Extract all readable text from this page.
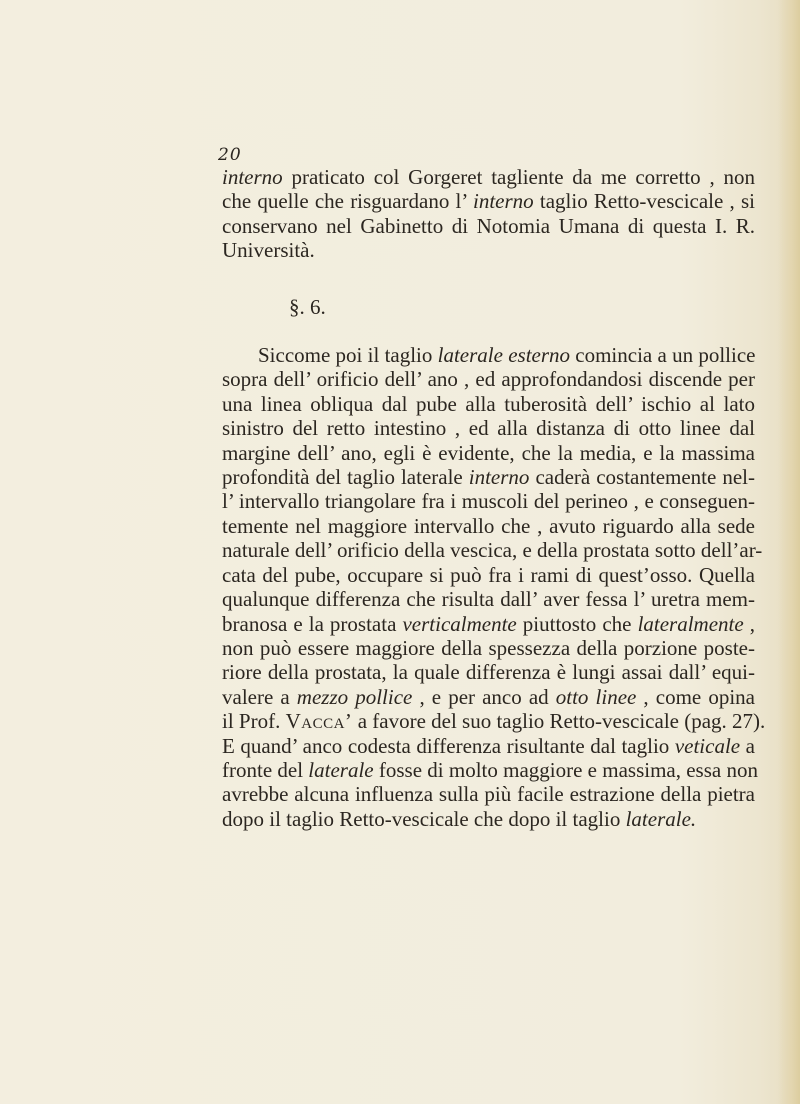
20
interno praticato col Gorgeret tagliente da me corretto , non
che quelle che risguardano l’ interno taglio Retto-vescicale , si
conservano nel Gabinetto di Notomia Umana di questa I. R.
Università.
§. 6.
Siccome poi il taglio laterale esterno comincia a un pollice
sopra dell’ orificio dell’ ano , ed approfondandosi discende per
una linea obliqua dal pube alla tuberosità dell’ ischio al lato
sinistro del retto intestino , ed alla distanza di otto linee dal
margine dell’ ano, egli è evidente, che la media, e la massima
profondità del taglio laterale interno caderà costantemente nel-
l’ intervallo triangolare fra i muscoli del perineo , e conseguen-
temente nel maggiore intervallo che , avuto riguardo alla sede
naturale dell’ orificio della vescica, e della prostata sotto dell’ar-
cata del pube, occupare si può fra i rami di quest’osso. Quella
qualunque differenza che risulta dall’ aver fessa l’ uretra mem-
branosa e la prostata verticalmente piuttosto che lateralmente ,
non può essere maggiore della spessezza della porzione poste-
riore della prostata, la quale differenza è lungi assai dall’ equi-
valere a mezzo pollice , e per anco ad otto linee , come opina
il Prof. Vacca’ a favore del suo taglio Retto-vescicale (pag. 27).
E quand’ anco codesta differenza risultante dal taglio veticale a
fronte del laterale fosse di molto maggiore e massima, essa non
avrebbe alcuna influenza sulla più facile estrazione della pietra
dopo il taglio Retto-vescicale che dopo il taglio laterale.
